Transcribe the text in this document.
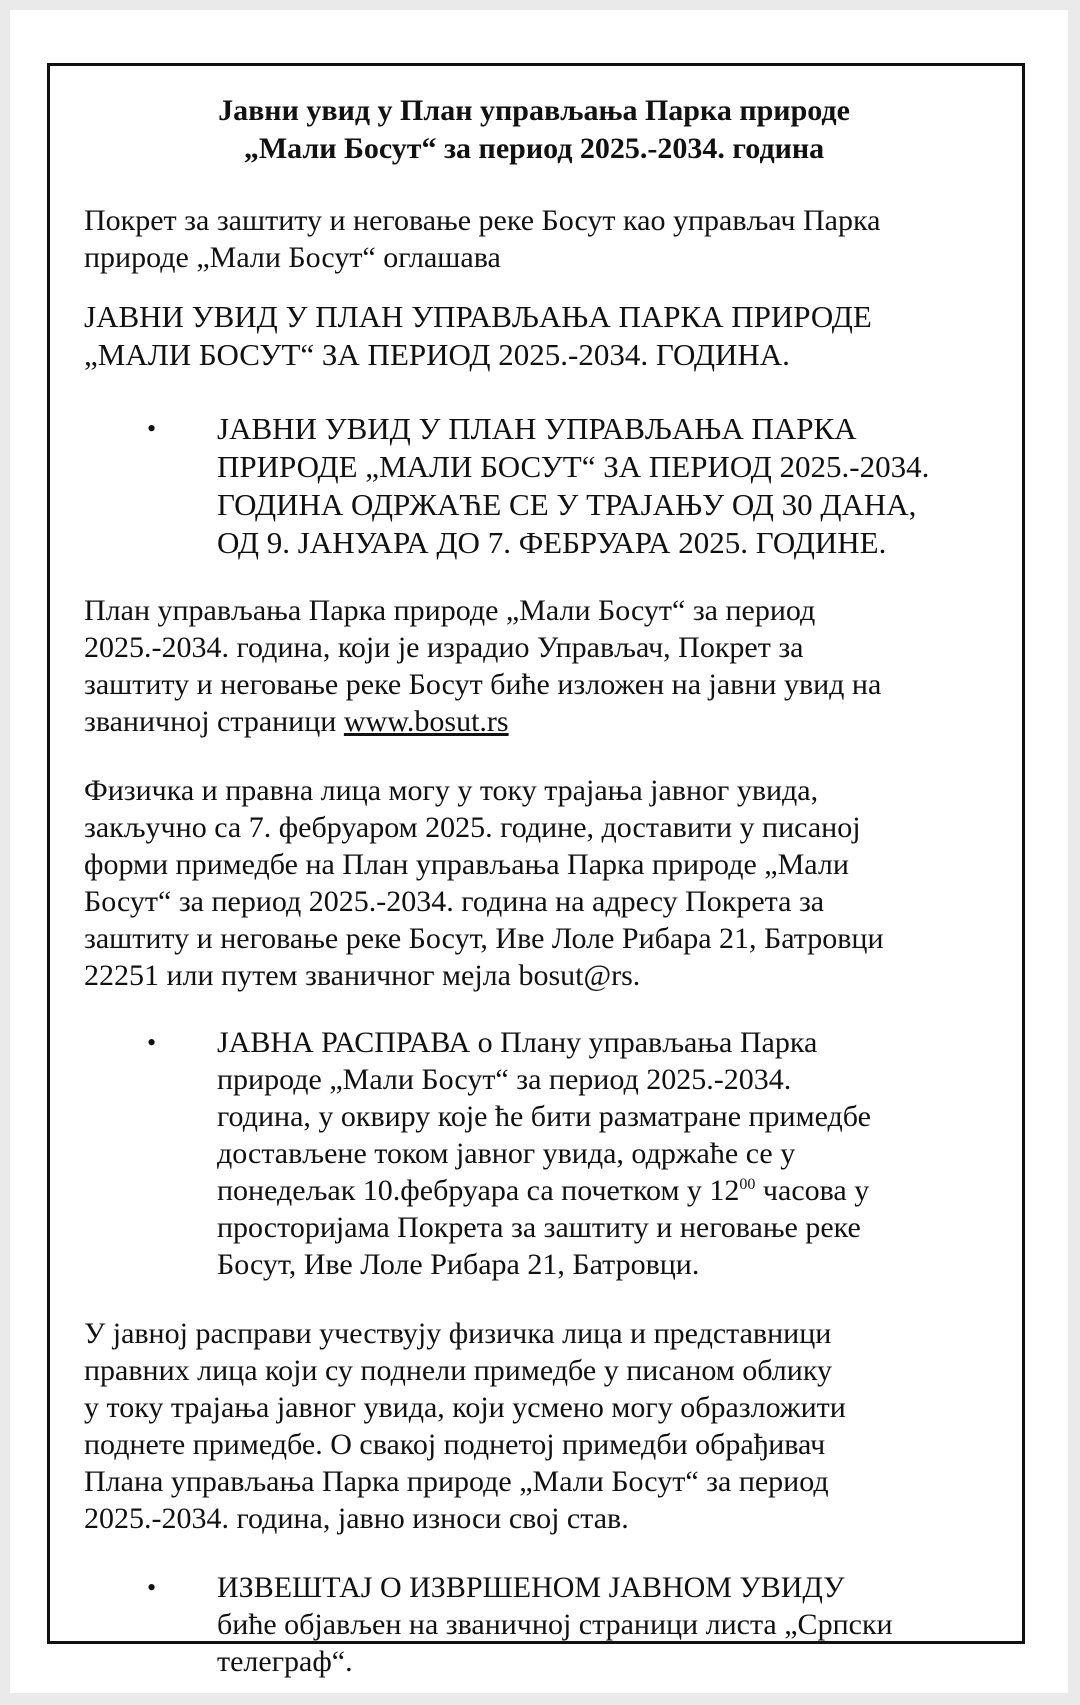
Јавни увид у План управљања Парка природе
„Мали Босут“ за период 2025.-2034. година

Покрет за заштиту и неговање реке Босут као управљач Парка
природе „Мали Босут“ оглашава

ЈАВНИ УВИД У ПЛАН УПРАВЉАЊА ПАРКА ПРИРОДЕ
„МАЛИ БОСУТ“ ЗА ПЕРИОД 2025.-2034. ГОДИНА.

• ЈАВНИ УВИД У ПЛАН УПРАВЉАЊА ПАРКА
ПРИРОДЕ „МАЛИ БОСУТ“ ЗА ПЕРИОД 2025.-2034.
ГОДИНА ОДРЖАЋЕ СЕ У ТРАЈАЊУ ОД 30 ДАНА,
ОД 9. ЈАНУАРА ДО 7. ФЕБРУАРА 2025. ГОДИНЕ.

План управљања Парка природе „Мали Босут“ за период
2025.-2034. година, који је израдио Управљач, Покрет за
заштиту и неговање реке Босут биће изложен на јавни увид на
званичној страници www.bosut.rs

Физичка и правна лица могу у току трајања јавног увида,
закључно са 7. фебруаром 2025. године, доставити у писаној
форми примедбе на План управљања Парка природе „Мали
Босут“ за период 2025.-2034. година на адресу Покрета за
заштиту и неговање реке Босут, Иве Лоле Рибара 21, Батровци
22251 или путем званичног мејла bosut@rs.

• ЈАВНА РАСПРАВА о Плану управљања Парка
природе „Мали Босут“ за период 2025.-2034.
година, у оквиру које ће бити разматране примедбе
достављене током јавног увида, одржаће се у
понедељак 10.фебруара са почетком у $12^{00}$ часова у
просторијама Покрета за заштиту и неговање реке
Босут, Иве Лоле Рибара 21, Батровци.

У јавној расправи учествују физичка лица и представници
правних лица који су поднели примедбе у писаном облику
у току трајања јавног увида, који усмено могу образложити
поднете примедбе. О свакој поднетој примедби обрађивач
Плана управљања Парка природе „Мали Босут“ за период
2025.-2034. година, јавно износи свој став.

• ИЗВЕШТАЈ О ИЗВРШЕНОМ ЈАВНОМ УВИДУ
биће објављен на званичној страници листа „Српски
телеграф“.
